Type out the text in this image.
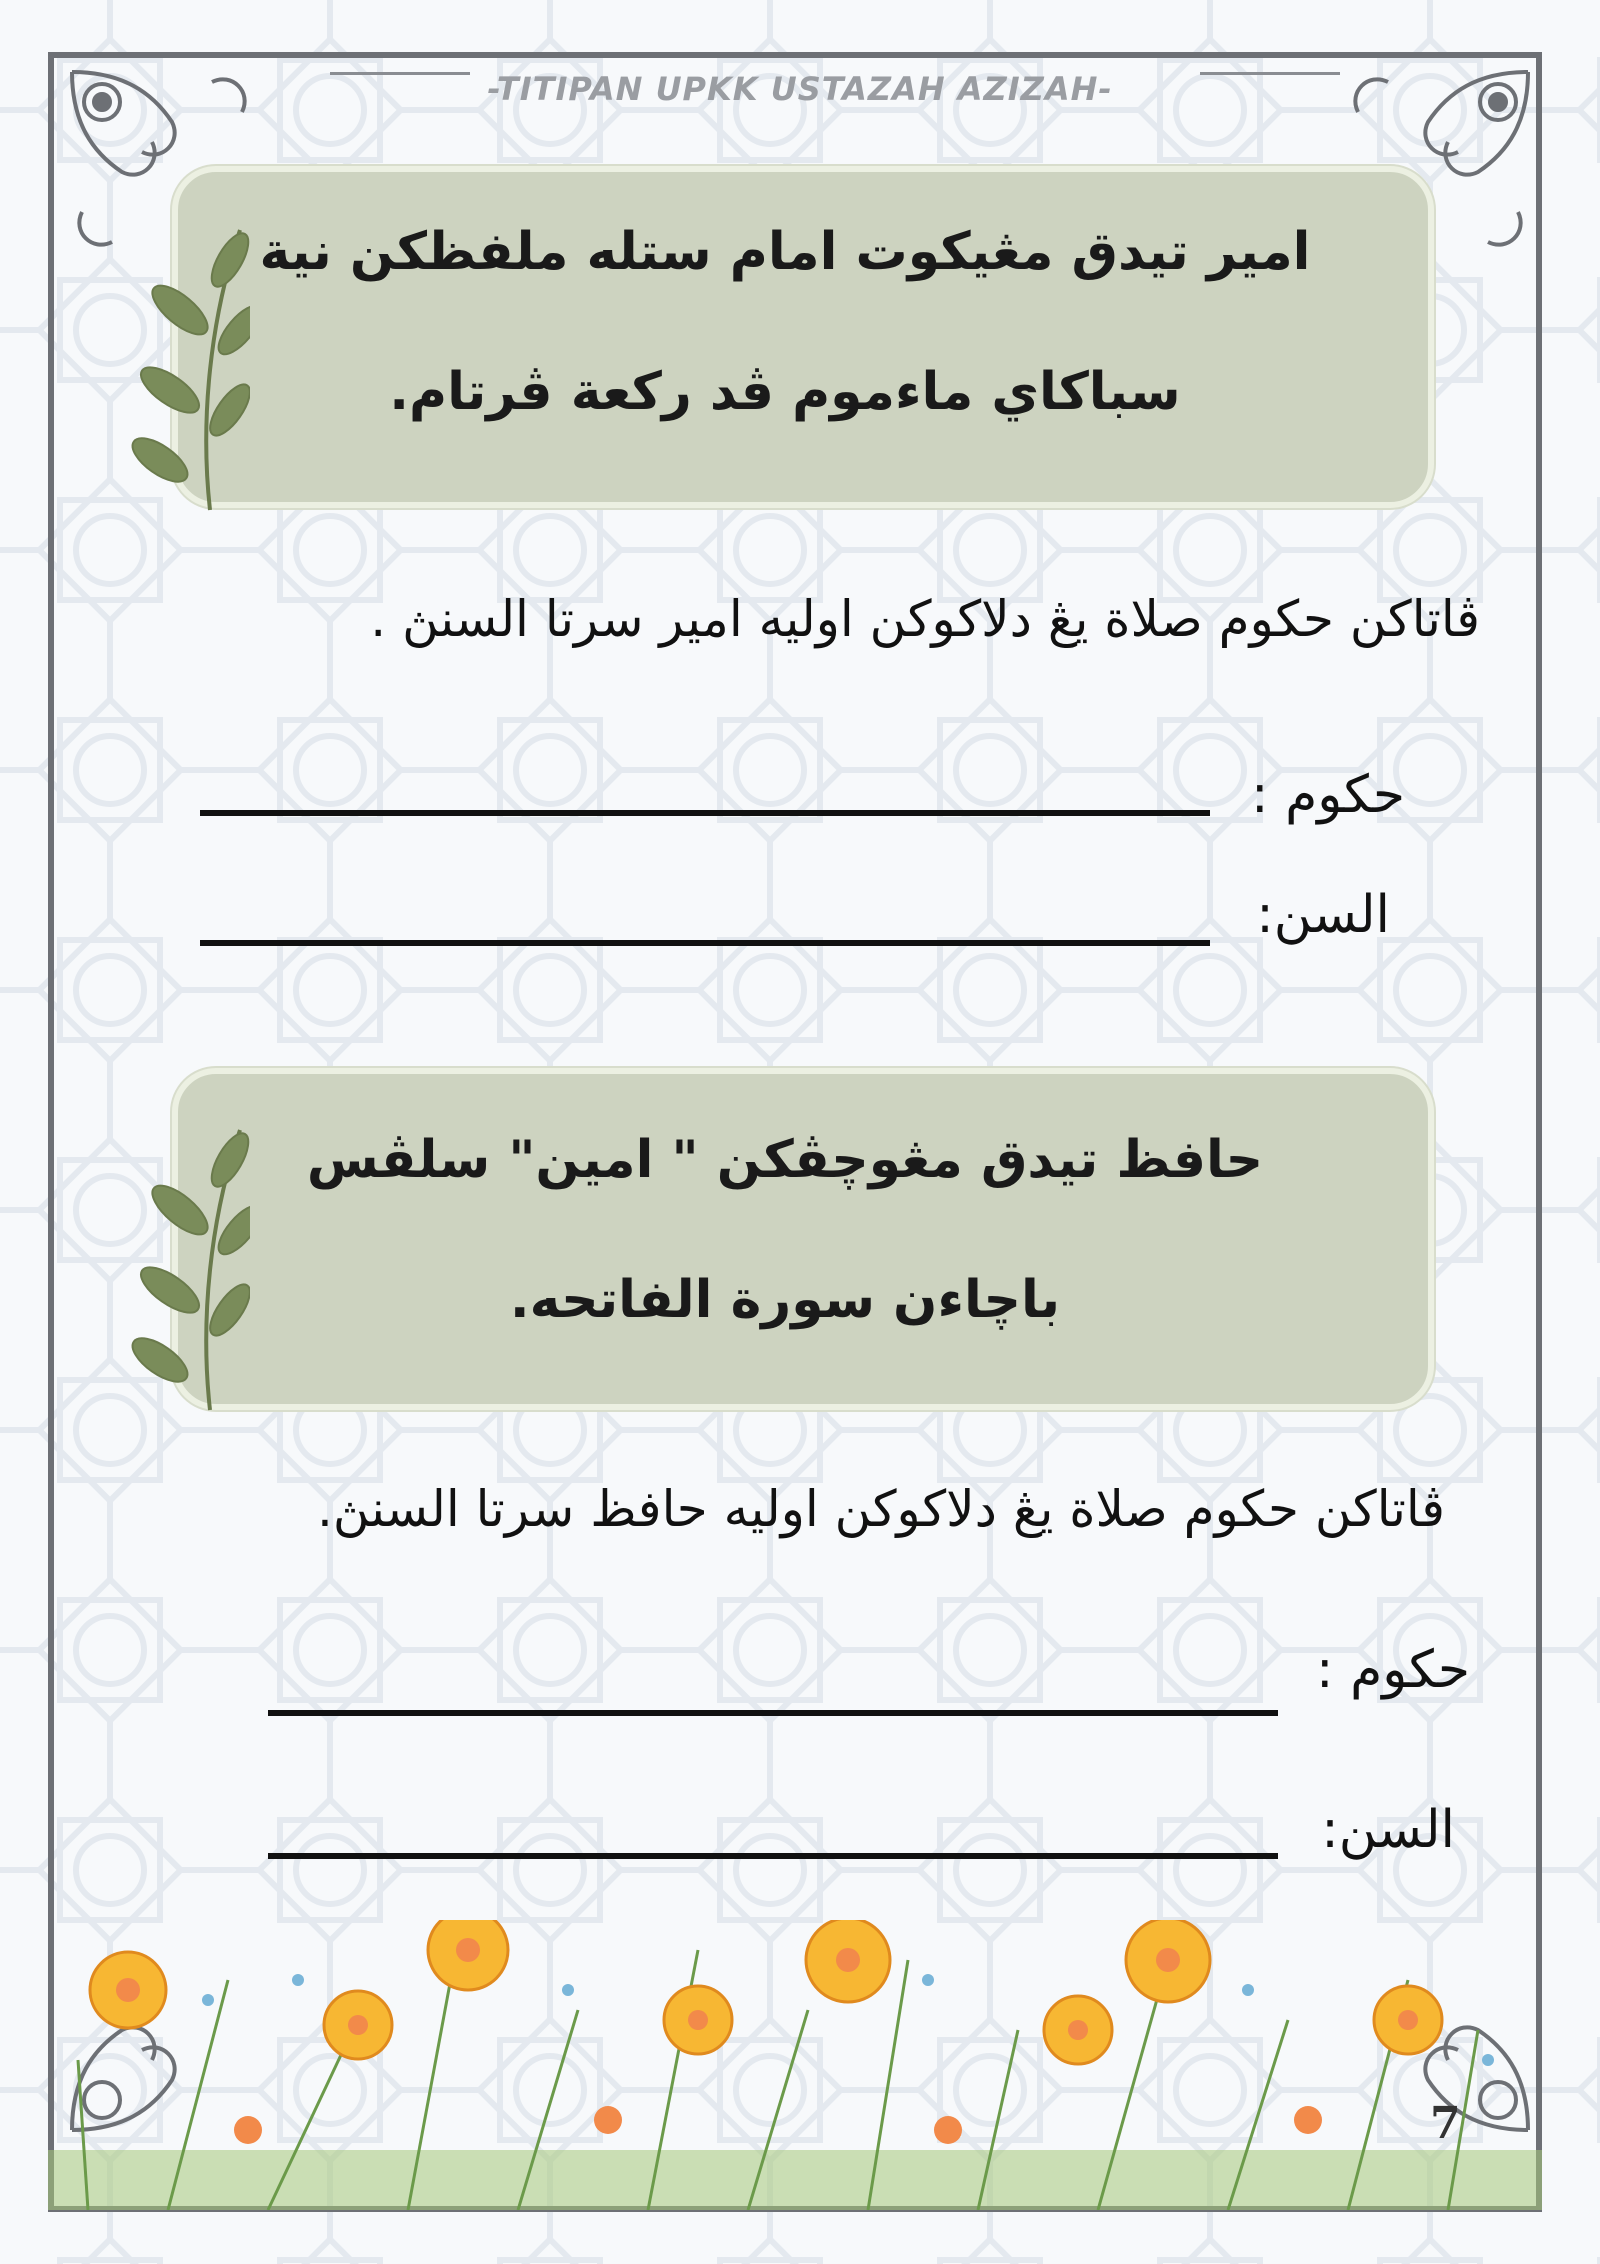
-TITIPAN UPKK USTAZAH AZIZAH-
امير تيدق مڠيكوت امام ستله ملفظكن نية
سباكاي ماءموم ڤد ركعة ڤرتام.
ڤاتاكن حكوم صلاة يڠ دلاكوكن اوليه امير سرتا السنڽ .
حكوم :
السن:
حافظ تيدق مڠوچڤكن " امين" سلڤس
باچاءن سورة الفاتحه.
ڤاتاكن حكوم صلاة يڠ دلاكوكن اوليه حافظ سرتا السنڽ.
حكوم :
السن:
7
